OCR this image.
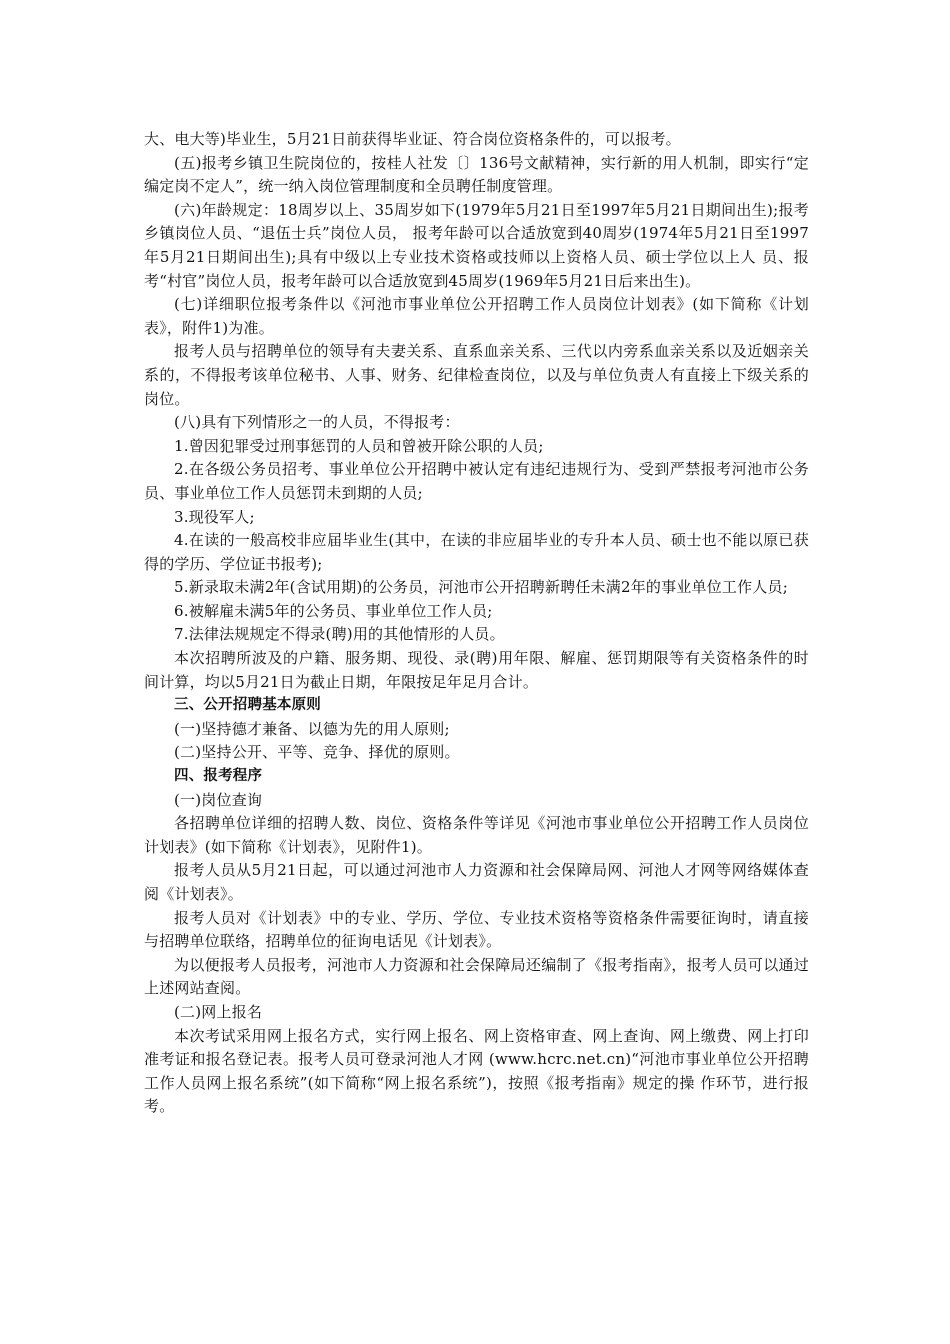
大、电大等)毕业生，5月21日前获得毕业证、符合岗位资格条件的，可以报考。

(五)报考乡镇卫生院岗位的，按桂人社发〔〕136号文献精神，实行新的用人机制，即实行“定编定岗不定人”，统一纳入岗位管理制度和全员聘任制度管理。

(六)年龄规定：18周岁以上、35周岁如下(1979年5月21日至1997年5月21日期间出生);报考乡镇岗位人员、“退伍士兵”岗位人员， 报考年龄可以合适放宽到40周岁(1974年5月21日至1997年5月21日期间出生);具有中级以上专业技术资格或技师以上资格人员、硕士学位以上人 员、报考“村官”岗位人员，报考年龄可以合适放宽到45周岁(1969年5月21日后来出生)。

(七)详细职位报考条件以《河池市事业单位公开招聘工作人员岗位计划表》(如下简称《计划表》，附件1)为准。

报考人员与招聘单位的领导有夫妻关系、直系血亲关系、三代以内旁系血亲关系以及近姻亲关系的，不得报考该单位秘书、人事、财务、纪律检查岗位，以及与单位负责人有直接上下级关系的岗位。

(八)具有下列情形之一的人员，不得报考：

1.曾因犯罪受过刑事惩罚的人员和曾被开除公职的人员;

2.在各级公务员招考、事业单位公开招聘中被认定有违纪违规行为、受到严禁报考河池市公务员、事业单位工作人员惩罚未到期的人员;

3.现役军人;

4.在读的一般高校非应届毕业生(其中，在读的非应届毕业的专升本人员、硕士也不能以原已获得的学历、学位证书报考);

5.新录取未满2年(含试用期)的公务员，河池市公开招聘新聘任未满2年的事业单位工作人员;

6.被解雇未满5年的公务员、事业单位工作人员;

7.法律法规规定不得录(聘)用的其他情形的人员。

本次招聘所波及的户籍、服务期、现役、录(聘)用年限、解雇、惩罚期限等有关资格条件的时间计算，均以5月21日为截止日期，年限按足年足月合计。

三、公开招聘基本原则

(一)坚持德才兼备、以德为先的用人原则;

(二)坚持公开、平等、竞争、择优的原则。

四、报考程序

(一)岗位查询

各招聘单位详细的招聘人数、岗位、资格条件等详见《河池市事业单位公开招聘工作人员岗位计划表》(如下简称《计划表》，见附件1)。

报考人员从5月21日起，可以通过河池市人力资源和社会保障局网、河池人才网等网络媒体查阅《计划表》。

报考人员对《计划表》中的专业、学历、学位、专业技术资格等资格条件需要征询时，请直接与招聘单位联络，招聘单位的征询电话见《计划表》。

为以便报考人员报考，河池市人力资源和社会保障局还编制了《报考指南》，报考人员可以通过上述网站查阅。

(二)网上报名

本次考试采用网上报名方式，实行网上报名、网上资格审查、网上查询、网上缴费、网上打印准考证和报名登记表。报考人员可登录河池人才网 (www.hcrc.net.cn)“河池市事业单位公开招聘工作人员网上报名系统”(如下简称“网上报名系统”)，按照《报考指南》规定的操 作环节，进行报考。
